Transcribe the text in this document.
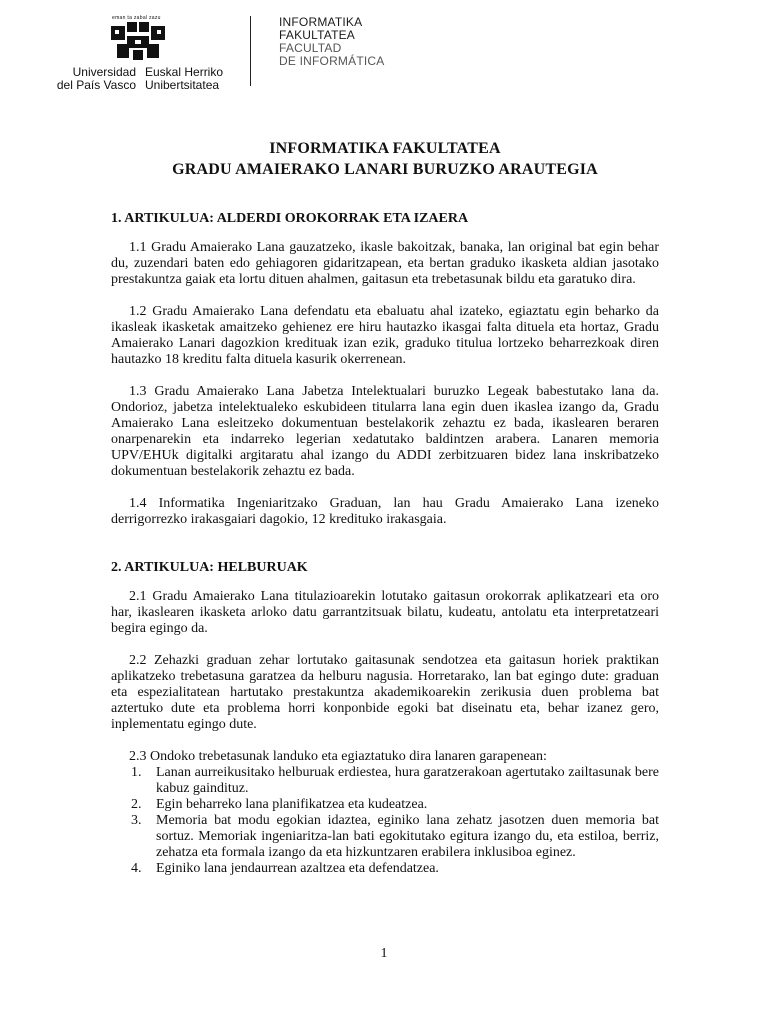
eman ta zabal zazu
Universidad
del País Vasco
Euskal Herriko
Unibertsitatea
INFORMATIKA
FAKULTATEA
FACULTAD
DE INFORMÁTICA

INFORMATIKA FAKULTATEA

GRADU AMAIERAKO LANARI BURUZKO ARAUTEGIA

1. ARTIKULUA: ALDERDI OROKORRAK ETA IZAERA

1.1 Gradu Amaierako Lana gauzatzeko, ikasle bakoitzak, banaka, lan original bat egin behar du, zuzendari baten edo gehiagoren gidaritzapean, eta bertan graduko ikasketa aldian jasotako prestakuntza gaiak eta lortu dituen ahalmen, gaitasun eta trebetasunak bildu eta garatuko dira.

1.2 Gradu Amaierako Lana defendatu eta ebaluatu ahal izateko, egiaztatu egin beharko da ikasleak ikasketak amaitzeko gehienez ere hiru hautazko ikasgai falta dituela eta hortaz, Gradu Amaierako Lanari dagozkion kredituak izan ezik, graduko titulua lortzeko beharrezkoak diren hautazko 18 kreditu falta dituela kasurik okerrenean.

1.3 Gradu Amaierako Lana Jabetza Intelektualari buruzko Legeak babestutako lana da. Ondorioz, jabetza intelektualeko eskubideen titularra lana egin duen ikaslea izango da, Gradu Amaierako Lana esleitzeko dokumentuan bestelakorik zehaztu ez bada, ikaslearen beraren onarpenarekin eta indarreko legerian xedatutako baldintzen arabera. Lanaren memoria UPV/EHUk digitalki argitaratu ahal izango du ADDI zerbitzuaren bidez lana inskribatzeko dokumentuan bestelakorik zehaztu ez bada.

1.4 Informatika Ingeniaritzako Graduan, lan hau Gradu Amaierako Lana izeneko derrigorrezko irakasgaiari dagokio, 12 kredituko irakasgaia.

2. ARTIKULUA: HELBURUAK

2.1 Gradu Amaierako Lana titulazioarekin lotutako gaitasun orokorrak aplikatzeari eta oro har, ikaslearen ikasketa arloko datu garrantzitsuak bilatu, kudeatu, antolatu eta interpretatzeari begira egingo da.

2.2 Zehazki graduan zehar lortutako gaitasunak sendotzea eta gaitasun horiek praktikan aplikatzeko trebetasuna garatzea da helburu nagusia. Horretarako, lan bat egingo dute: graduan eta espezialitatean hartutako prestakuntza akademikoarekin zerikusia duen problema bat aztertuko dute eta problema horri konponbide egoki bat diseinatu eta, behar izanez gero, inplementatu egingo dute.

2.3 Ondoko trebetasunak landuko eta egiaztatuko dira lanaren garapenean:

1. Lanan aurreikusitako helburuak erdiestea, hura garatzerakoan agertutako zailtasunak bere kabuz gaindituz.
2. Egin beharreko lana planifikatzea eta kudeatzea.
3. Memoria bat modu egokian idaztea, eginiko lana zehatz jasotzen duen memoria bat sortuz. Memoriak ingeniaritza-lan bati egokitutako egitura izango du, eta estiloa, berriz, zehatza eta formala izango da eta hizkuntzaren erabilera inklusiboa eginez.
4. Eginiko lana jendaurrean azaltzea eta defendatzea.
1
